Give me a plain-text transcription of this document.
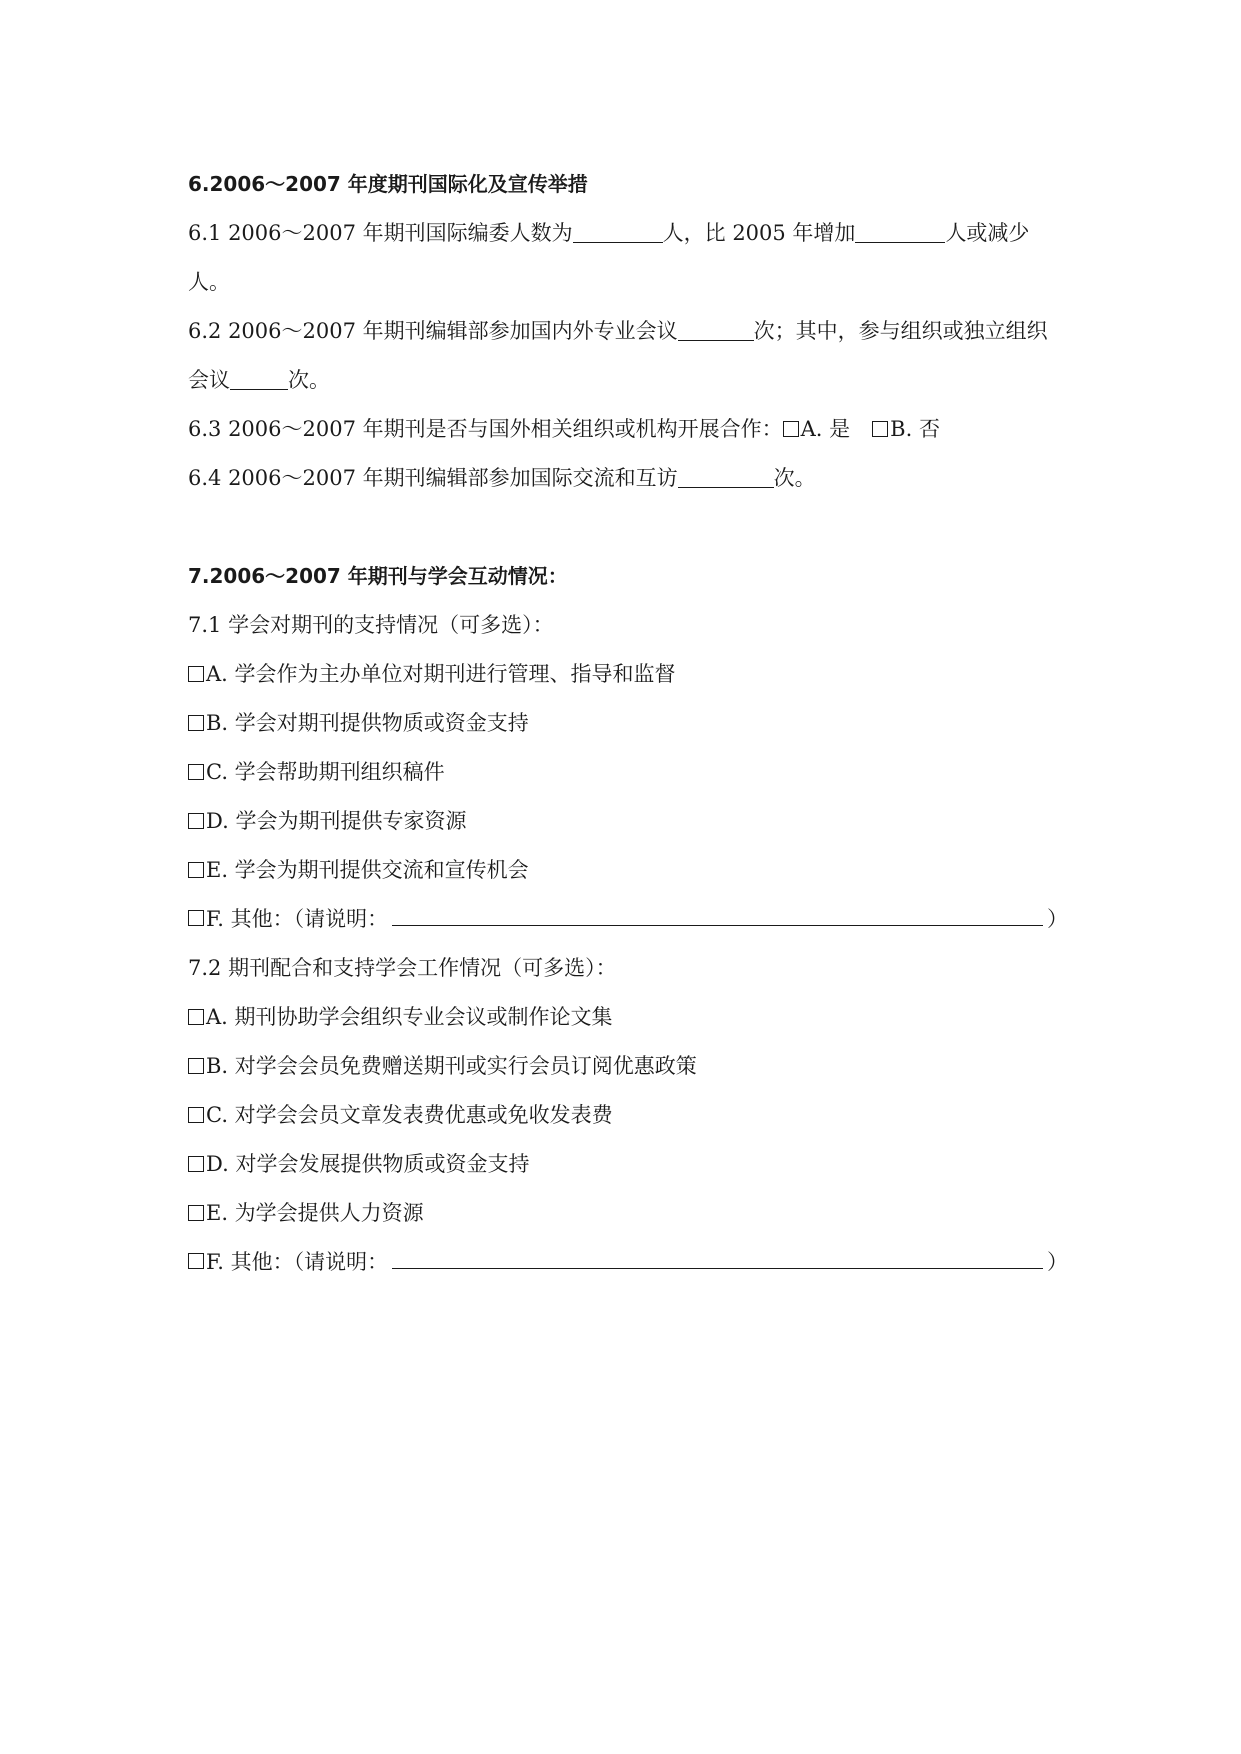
6.2006～2007 年度期刊国际化及宣传举措
6.1 2006～2007 年期刊国际编委人数为	人，比 2005 年增加	人或减少
人。
6.2 2006～2007 年期刊编辑部参加国内外专业会议	次；其中，参与组织或独立组织
会议	次。
6.3 2006～2007 年期刊是否与国外相关组织或机构开展合作： A. 是 B. 否
6.4 2006～2007 年期刊编辑部参加国际交流和互访	次。
7.2006～2007 年期刊与学会互动情况：
7.1 学会对期刊的支持情况（可多选）：
A. 学会作为主办单位对期刊进行管理、指导和监督
B. 学会对期刊提供物质或资金支持
C. 学会帮助期刊组织稿件
D. 学会为期刊提供专家资源
E. 学会为期刊提供交流和宣传机会
F. 其他：（请说明：	）
7.2 期刊配合和支持学会工作情况（可多选）：
A. 期刊协助学会组织专业会议或制作论文集
B. 对学会会员免费赠送期刊或实行会员订阅优惠政策
C. 对学会会员文章发表费优惠或免收发表费
D. 对学会发展提供物质或资金支持
E. 为学会提供人力资源
F. 其他：（请说明：	）
